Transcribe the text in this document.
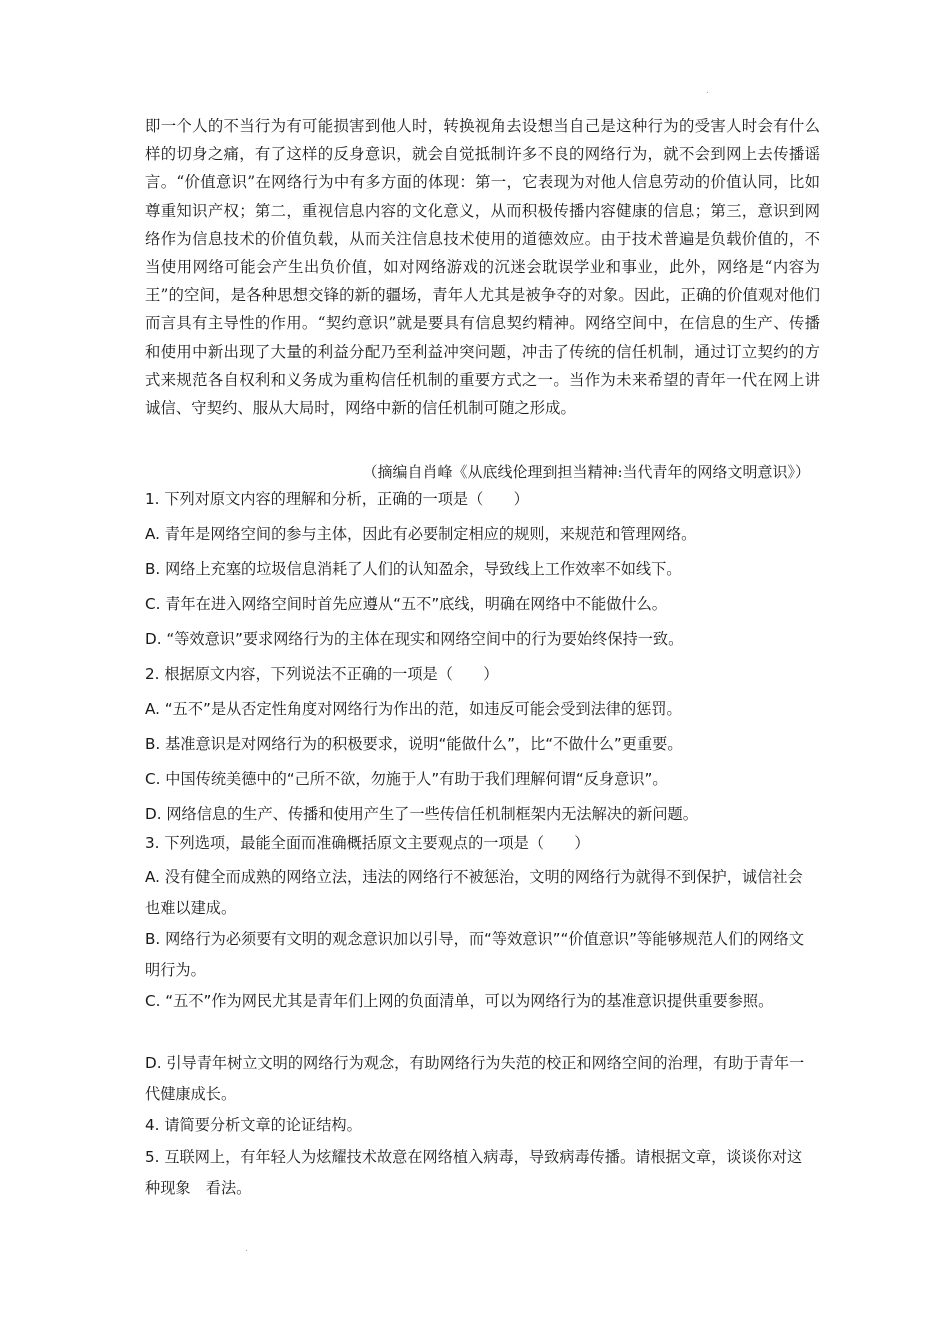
.
.

即一个人的不当行为有可能损害到他人时，转换视角去设想当自己是这种行为的受害人时会有什么样的切身之痛，有了这样的反身意识，就会自觉抵制许多不良的网络行为，就不会到网上去传播谣言。“价值意识”在网络行为中有多方面的体现：第一，它表现为对他人信息劳动的价值认同，比如尊重知识产权；第二，重视信息内容的文化意义，从而积极传播内容健康的信息；第三，意识到网络作为信息技术的价值负载，从而关注信息技术使用的道德效应。由于技术普遍是负载价值的，不当使用网络可能会产生出负价值，如对网络游戏的沉迷会耽误学业和事业，此外，网络是“内容为王”的空间，是各种思想交锋的新的疆场，青年人尤其是被争夺的对象。因此，正确的价值观对他们而言具有主导性的作用。“契约意识”就是要具有信息契约精神。网络空间中，在信息的生产、传播和使用中新出现了大量的利益分配乃至利益冲突问题，冲击了传统的信任机制，通过订立契约的方式来规范各自权利和义务成为重构信任机制的重要方式之一。当作为未来希望的青年一代在网上讲诚信、守契约、服从大局时，网络中新的信任机制可随之形成。

（摘编自肖峰《从底线伦理到担当精神:当代青年的网络文明意识》）

1. 下列对原文内容的理解和分析，正确的一项是（　　）

A. 青年是网络空间的参与主体，因此有必要制定相应的规则，来规范和管理网络。

B. 网络上充塞的垃圾信息消耗了人们的认知盈余，导致线上工作效率不如线下。

C. 青年在进入网络空间时首先应遵从“五不”底线，明确在网络中不能做什么。

D. “等效意识”要求网络行为的主体在现实和网络空间中的行为要始终保持一致。

2. 根据原文内容，下列说法不正确的一项是（　　）

A. “五不”是从否定性角度对网络行为作出的范，如违反可能会受到法律的惩罚。

B. 基准意识是对网络行为的积极要求，说明“能做什么”，比“不做什么”更重要。

C. 中国传统美德中的“己所不欲，勿施于人”有助于我们理解何谓“反身意识”。

D. 网络信息的生产、传播和使用产生了一些传信任机制框架内无法解决的新问题。

3. 下列选项，最能全面而准确概括原文主要观点的一项是（　　）

A. 没有健全而成熟的网络立法，违法的网络行不被惩治，文明的网络行为就得不到保护，诚信社会也难以建成。

B. 网络行为必须要有文明的观念意识加以引导，而“等效意识”“价值意识”等能够规范人们的网络文明行为。

C. “五不”作为网民尤其是青年们上网的负面清单，可以为网络行为的基准意识提供重要参照。

D. 引导青年树立文明的网络行为观念，有助网络行为失范的校正和网络空间的治理，有助于青年一代健康成长。

4. 请简要分析文章的论证结构。

5. 互联网上，有年轻人为炫耀技术故意在网络植入病毒，导致病毒传播。请根据文章，谈谈你对这种现象　看法。
